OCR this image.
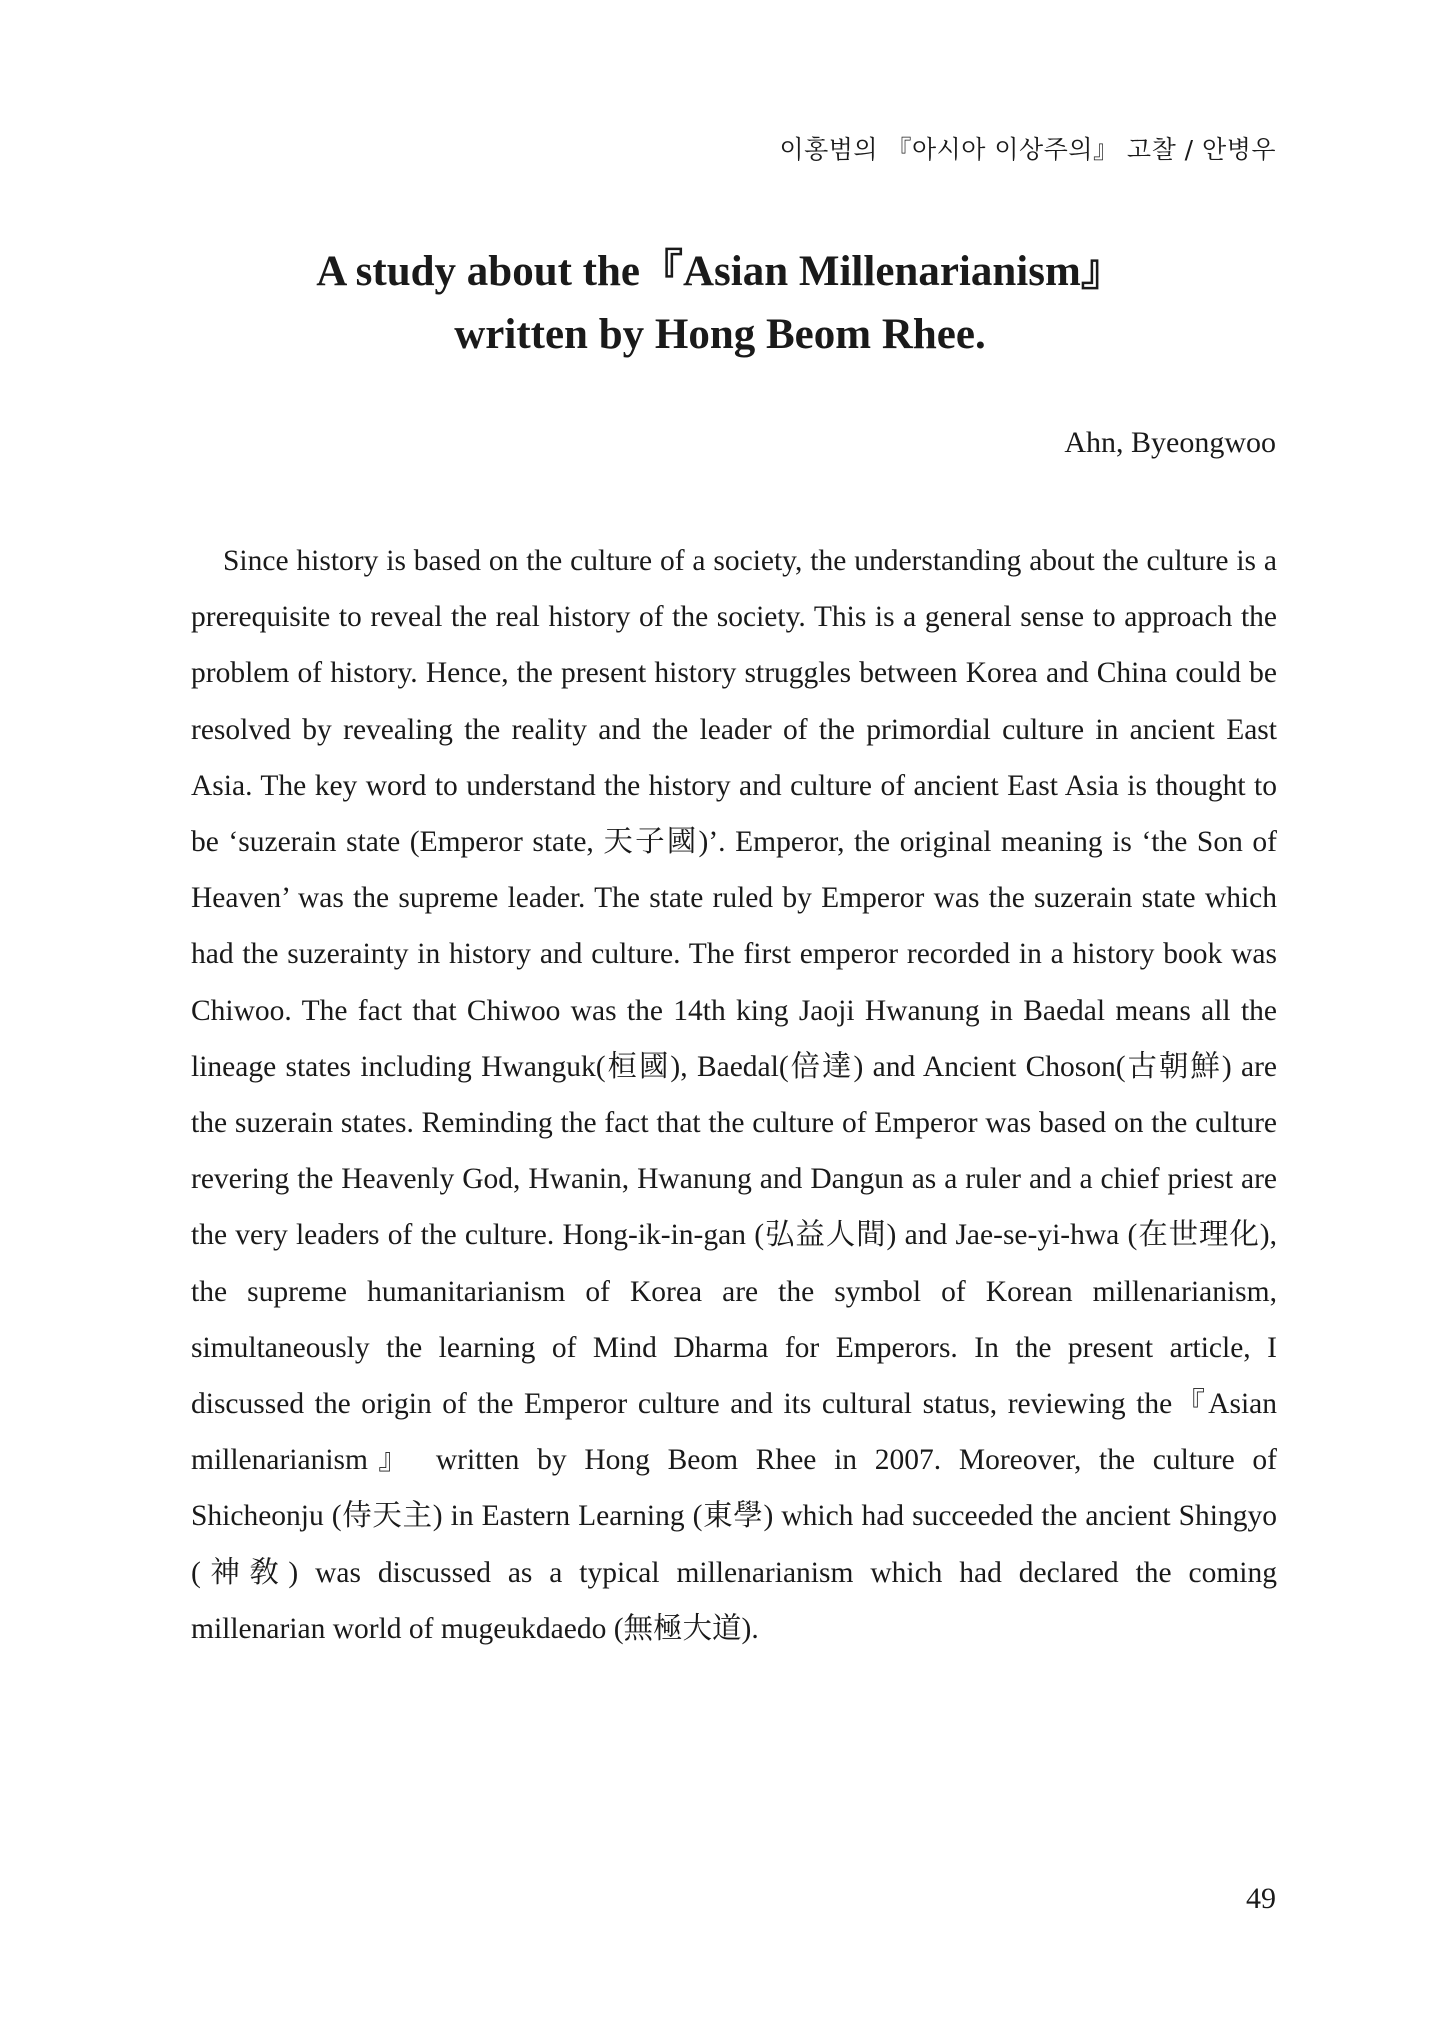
이홍범의 『아시아 이상주의』 고찰 / 안병우
A study about the『Asian Millenarianism』
written by Hong Beom Rhee.
Ahn, Byeongwoo

Since history is based on the culture of a society, the understanding about the culture is a prerequisite to reveal the real history of the society. This is a general sense to approach the problem of history. Hence, the present history struggles between Korea and China could be resolved by revealing the reality and the leader of the primordial culture in ancient East Asia. The key word to understand the history and culture of ancient East Asia is thought to be ‘suzerain state (Emperor state, 天子國)’. Emperor, the original meaning is ‘the Son of Heaven’ was the supreme leader. The state ruled by Emperor was the suzerain state which had the suzerainty in history and culture. The first emperor recorded in a history book was Chiwoo. The fact that Chiwoo was the 14th king Jaoji Hwanung in Baedal means all the lineage states including Hwanguk(桓國), Baedal(倍達) and Ancient Choson(古朝鮮) are the suzerain states. Reminding the fact that the culture of Emperor was based on the culture revering the Heavenly God, Hwanin, Hwanung and Dangun as a ruler and a chief priest are the very leaders of the culture. Hong-ik-in-gan (弘益人間) and Jae-se-yi-hwa (在世理化), the supreme humanitarianism of Korea are the symbol of Korean millenarianism, simultaneously the learning of Mind Dharma for Emperors. In the present article, I discussed the origin of the Emperor culture and its cultural status, reviewing the『Asian millenarianism』 written by Hong Beom Rhee in 2007. Moreover, the culture of Shicheonju (侍天主) in Eastern Learning (東學) which had succeeded the ancient Shingyo (神敎) was discussed as a typical millenarianism which had declared the coming millenarian world of mugeukdaedo (無極大道).

49
